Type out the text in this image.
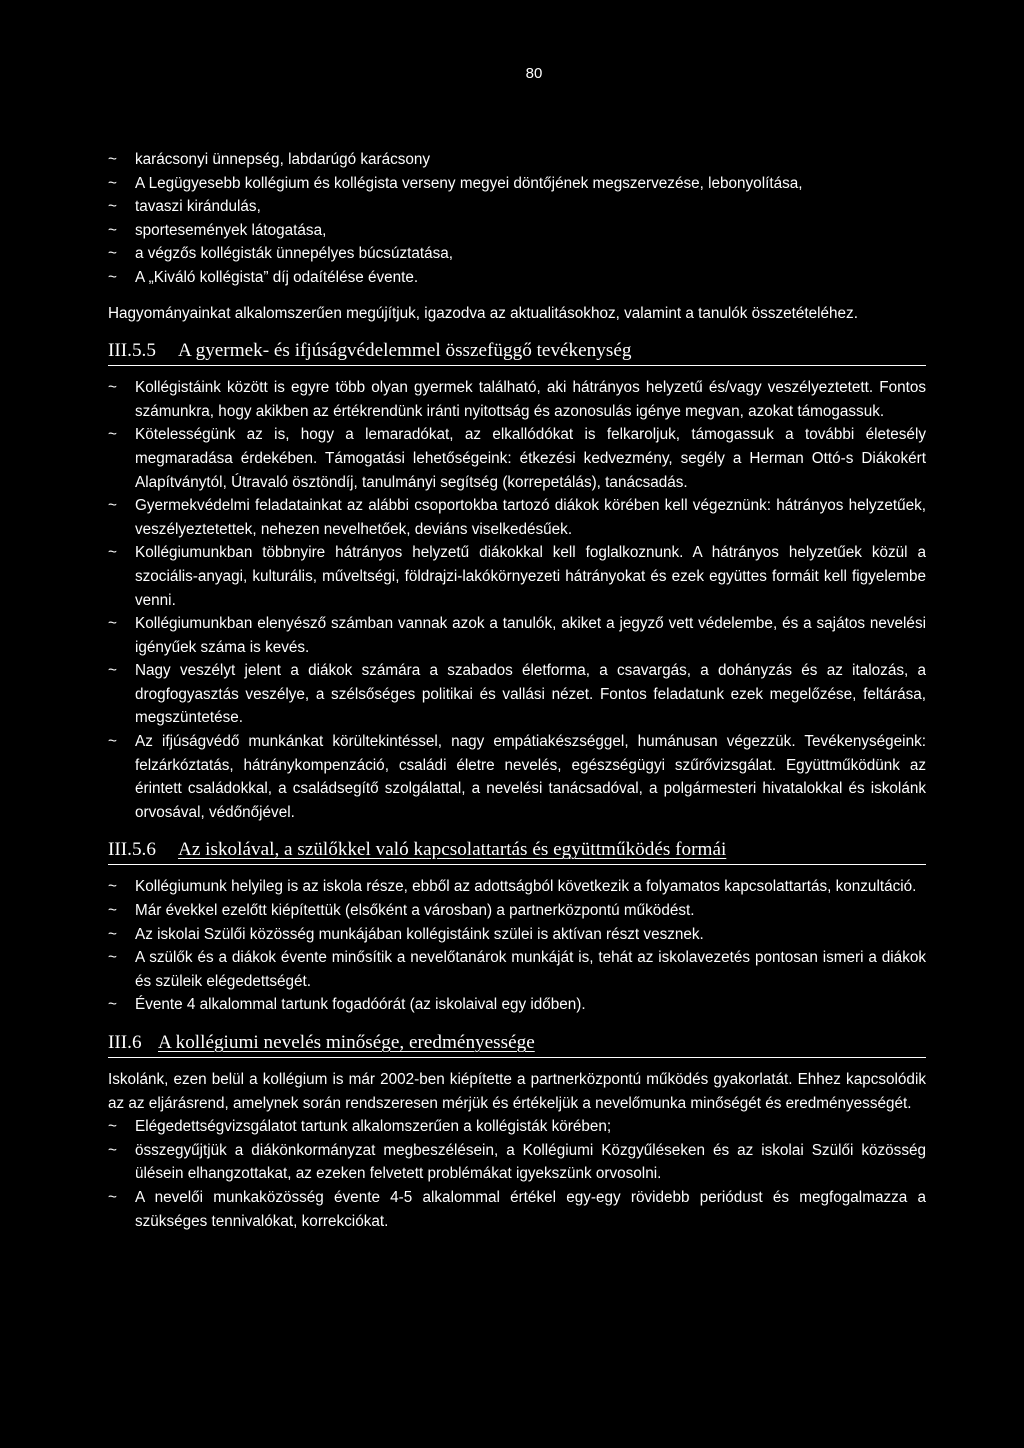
80
~ karácsonyi ünnepség, labdarúgó karácsony
~ A Legügyesebb kollégium és kollégista verseny megyei döntőjének megszervezése, lebonyolítása,
~ tavaszi kirándulás,
~ sportesemények látogatása,
~ a végzős kollégisták ünnepélyes búcsúztatása,
~ A „Kiváló kollégista” díj odaítélése évente.

Hagyományainkat alkalomszerűen megújítjuk, igazodva az aktualitásokhoz, valamint a tanulók összetételéhez.

III.5.5 A gyermek- és ifjúságvédelemmel összefüggő tevékenység
~ Kollégistáink között is egyre több olyan gyermek található, aki hátrányos helyzetű és/vagy veszélyeztetett. Fontos számunkra, hogy akikben az értékrendünk iránti nyitottság és azonosulás igénye megvan, azokat támogassuk.
~ Kötelességünk az is, hogy a lemaradókat, az elkallódókat is felkaroljuk, támogassuk a további életesély megmaradása érdekében. Támogatási lehetőségeink: étkezési kedvezmény, segély a Herman Ottó-s Diákokért Alapítványtól, Útravaló ösztöndíj, tanulmányi segítség (korrepetálás), tanácsadás.
~ Gyermekvédelmi feladatainkat az alábbi csoportokba tartozó diákok körében kell végeznünk: hátrányos helyzetűek, veszélyeztetettek, nehezen nevelhetőek, deviáns viselkedésűek.
~ Kollégiumunkban többnyire hátrányos helyzetű diákokkal kell foglalkoznunk. A hátrányos helyzetűek közül a szociális-anyagi, kulturális, műveltségi, földrajzi-lakókörnyezeti hátrányokat és ezek együttes formáit kell figyelembe venni.
~ Kollégiumunkban elenyésző számban vannak azok a tanulók, akiket a jegyző vett védelembe, és a sajátos nevelési igényűek száma is kevés.
~ Nagy veszélyt jelent a diákok számára a szabados életforma, a csavargás, a dohányzás és az italozás, a drogfogyasztás veszélye, a szélsőséges politikai és vallási nézet. Fontos feladatunk ezek megelőzése, feltárása, megszüntetése.
~ Az ifjúságvédő munkánkat körültekintéssel, nagy empátiakészséggel, humánusan végezzük. Tevékenységeink: felzárkóztatás, hátránykompenzáció, családi életre nevelés, egészségügyi szűrővizsgálat. Együttműködünk az érintett családokkal, a családsegítő szolgálattal, a nevelési tanácsadóval, a polgármesteri hivatalokkal és iskolánk orvosával, védőnőjével.
III.5.6 Az iskolával, a szülőkkel való kapcsolattartás és együttműködés formái
~ Kollégiumunk helyileg is az iskola része, ebből az adottságból következik a folyamatos kapcsolattartás, konzultáció.
~ Már évekkel ezelőtt kiépítettük (elsőként a városban) a partnerközpontú működést.
~ Az iskolai Szülői közösség munkájában kollégistáink szülei is aktívan részt vesznek.
~ A szülők és a diákok évente minősítik a nevelőtanárok munkáját is, tehát az iskolavezetés pontosan ismeri a diákok és szüleik elégedettségét.
~ Évente 4 alkalommal tartunk fogadóórát (az iskolaival egy időben).
III.6 A kollégiumi nevelés minősége, eredményessége

Iskolánk, ezen belül a kollégium is már 2002-ben kiépítette a partnerközpontú működés gyakorlatát. Ehhez kapcsolódik az az eljárásrend, amelynek során rendszeresen mérjük és értékeljük a nevelőmunka minőségét és eredményességét.

~ Elégedettségvizsgálatot tartunk alkalomszerűen a kollégisták körében;
~ összegyűjtjük a diákönkormányzat megbeszélésein, a Kollégiumi Közgyűléseken és az iskolai Szülői közösség ülésein elhangzottakat, az ezeken felvetett problémákat igyekszünk orvosolni.
~ A nevelői munkaközösség évente 4-5 alkalommal értékel egy-egy rövidebb periódust és megfogalmazza a szükséges tennivalókat, korrekciókat.
